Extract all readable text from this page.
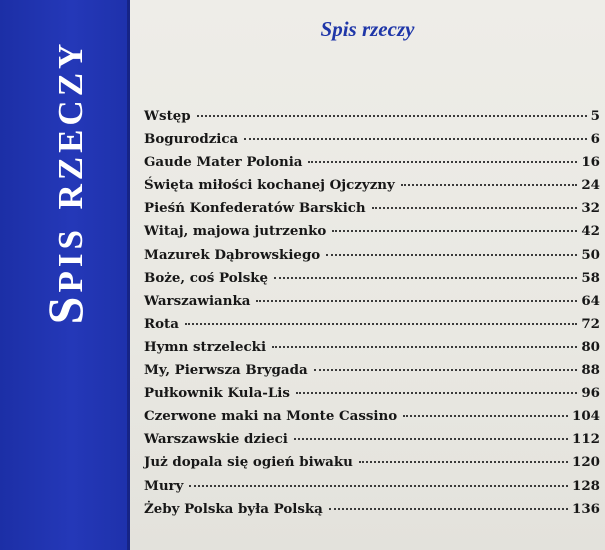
Spis rzeczy
Spis rzeczy
Wstęp	5
Bogurodzica	6
Gaude Mater Polonia	16
Święta miłości kochanej Ojczyzny	24
Pieśń Konfederatów Barskich	32
Witaj, majowa jutrzenko	42
Mazurek Dąbrowskiego	50
Boże, coś Polskę	58
Warszawianka	64
Rota	72
Hymn strzelecki	80
My, Pierwsza Brygada	88
Pułkownik Kula-Lis	96
Czerwone maki na Monte Cassino	104
Warszawskie dzieci	112
Już dopala się ogień biwaku	120
Mury	128
Żeby Polska była Polską	136
